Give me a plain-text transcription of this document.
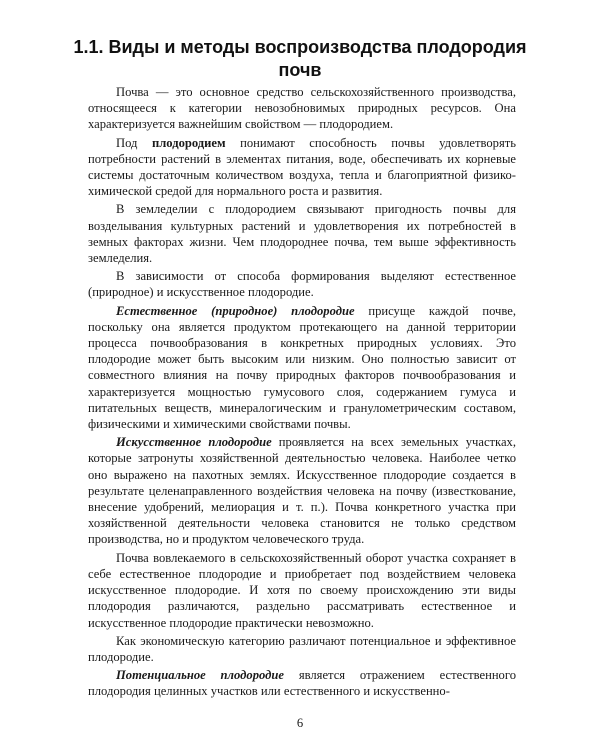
1.1. Виды и методы воспроизводства плодородия почв

Почва — это основное средство сельскохозяйственного производства, относящееся к категории невозобновимых природных ресурсов. Она характеризуется важнейшим свойством — плодородием.

Под плодородием понимают способность почвы удовлетворять потребности растений в элементах питания, воде, обеспечивать их корневые системы достаточным количеством воздуха, тепла и благоприятной физико-химической средой для нормального роста и развития.

В земледелии с плодородием связывают пригодность почвы для возделывания культурных растений и удовлетворения их потребностей в земных факторах жизни. Чем плодороднее почва, тем выше эффективность земледелия.

В зависимости от способа формирования выделяют естественное (природное) и искусственное плодородие.

Естественное (природное) плодородие присуще каждой почве, поскольку она является продуктом протекающего на данной территории процесса почвообразования в конкретных природных условиях. Это плодородие может быть высоким или низким. Оно полностью зависит от совместного влияния на почву природных факторов почвообразования и характеризуется мощностью гумусового слоя, содержанием гумуса и питательных веществ, минералогическим и гранулометрическим составом, физическими и химическими свойствами почвы.

Искусственное плодородие проявляется на всех земельных участках, которые затронуты хозяйственной деятельностью человека. Наиболее четко оно выражено на пахотных землях. Искусственное плодородие создается в результате целенаправленного воздействия человека на почву (известкование, внесение удобрений, мелиорация и т. п.). Почва конкретного участка при хозяйственной деятельности человека становится не только средством производства, но и продуктом человеческого труда.

Почва вовлекаемого в сельскохозяйственный оборот участка сохраняет в себе естественное плодородие и приобретает под воздействием человека искусственное плодородие. И хотя по своему происхождению эти виды плодородия различаются, раздельно рассматривать естественное и искусственное плодородие практически невозможно.

Как экономическую категорию различают потенциальное и эффективное плодородие.

Потенциальное плодородие является отражением естественного плодородия целинных участков или естественного и искусственно-

6
